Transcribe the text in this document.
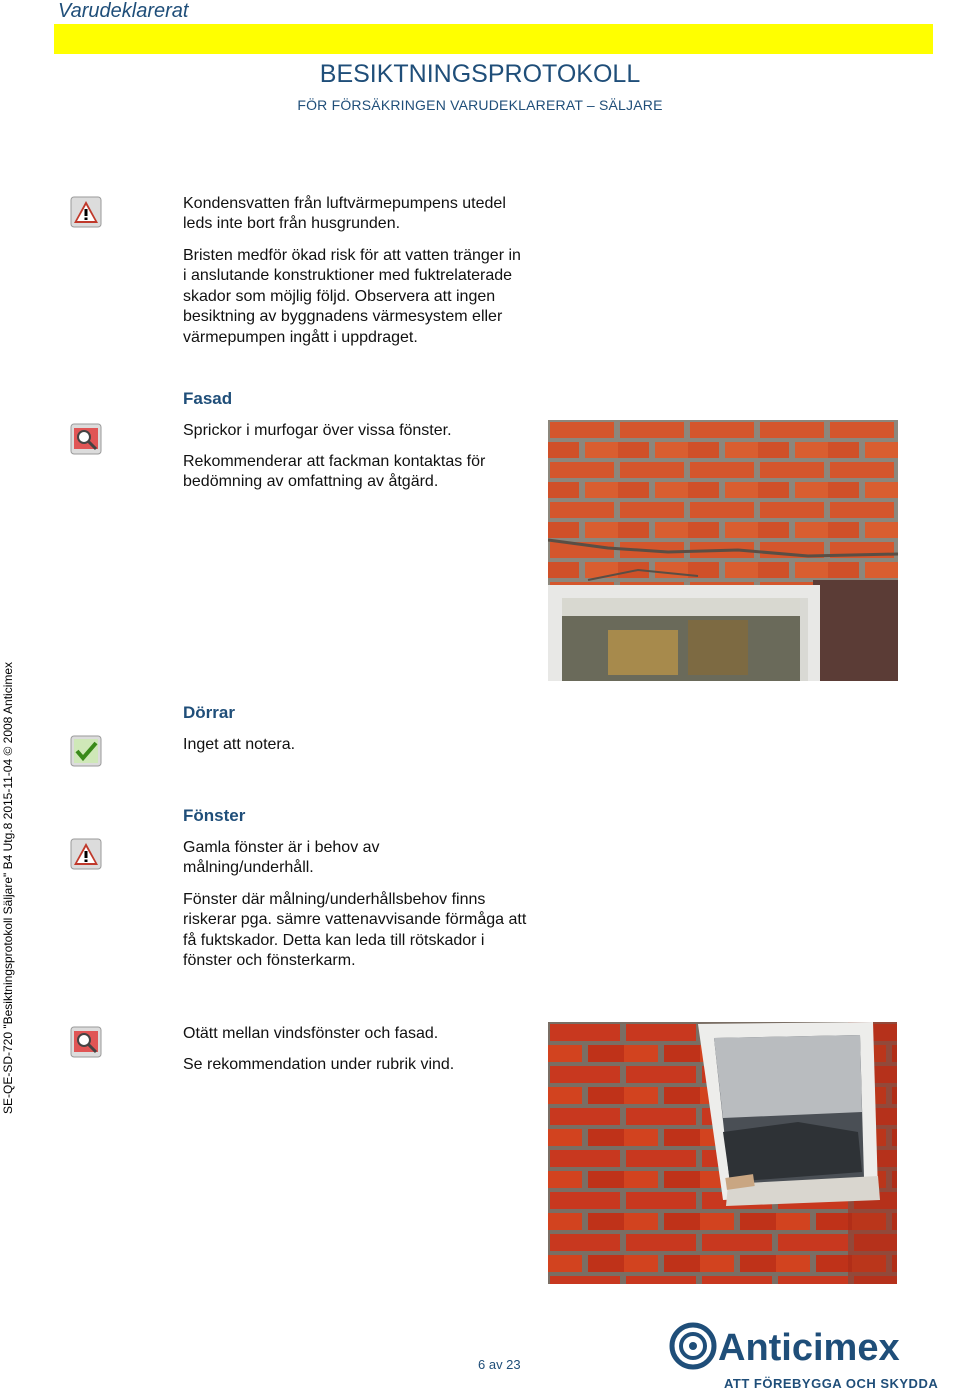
Varudeklarerat
BESIKTNINGSPROTOKOLL
FÖR FÖRSÄKRINGEN VARUDEKLARERAT – SÄLJARE
SE-QE-SD-720 "Besiktningsprotokoll Säljare" B4 Utg.8 2015-11-04 © 2008 Anticimex
Kondensvatten från luftvärmepumpens utedel leds inte bort från husgrunden.
Bristen medför ökad risk för att vatten tränger in i anslutande konstruktioner med fuktrelaterade skador som möjlig följd. Observera att ingen besiktning av byggnadens värmesystem eller värmepumpen ingått i uppdraget.
Fasad
Sprickor i murfogar över vissa fönster.
Rekommenderar att fackman kontaktas för bedömning av omfattning av åtgärd.
Dörrar
Inget att notera.
Fönster
Gamla fönster är i behov av målning/underhåll.
Fönster där målning/underhållsbehov finns riskerar pga. sämre vattenavvisande förmåga att få fuktskador. Detta kan leda till rötskador i fönster och fönsterkarm.
Otätt mellan vindsfönster och fasad.
Se rekommendation under rubrik vind.
6 av 23	Anticimex
ATT FÖREBYGGA OCH SKYDDA
